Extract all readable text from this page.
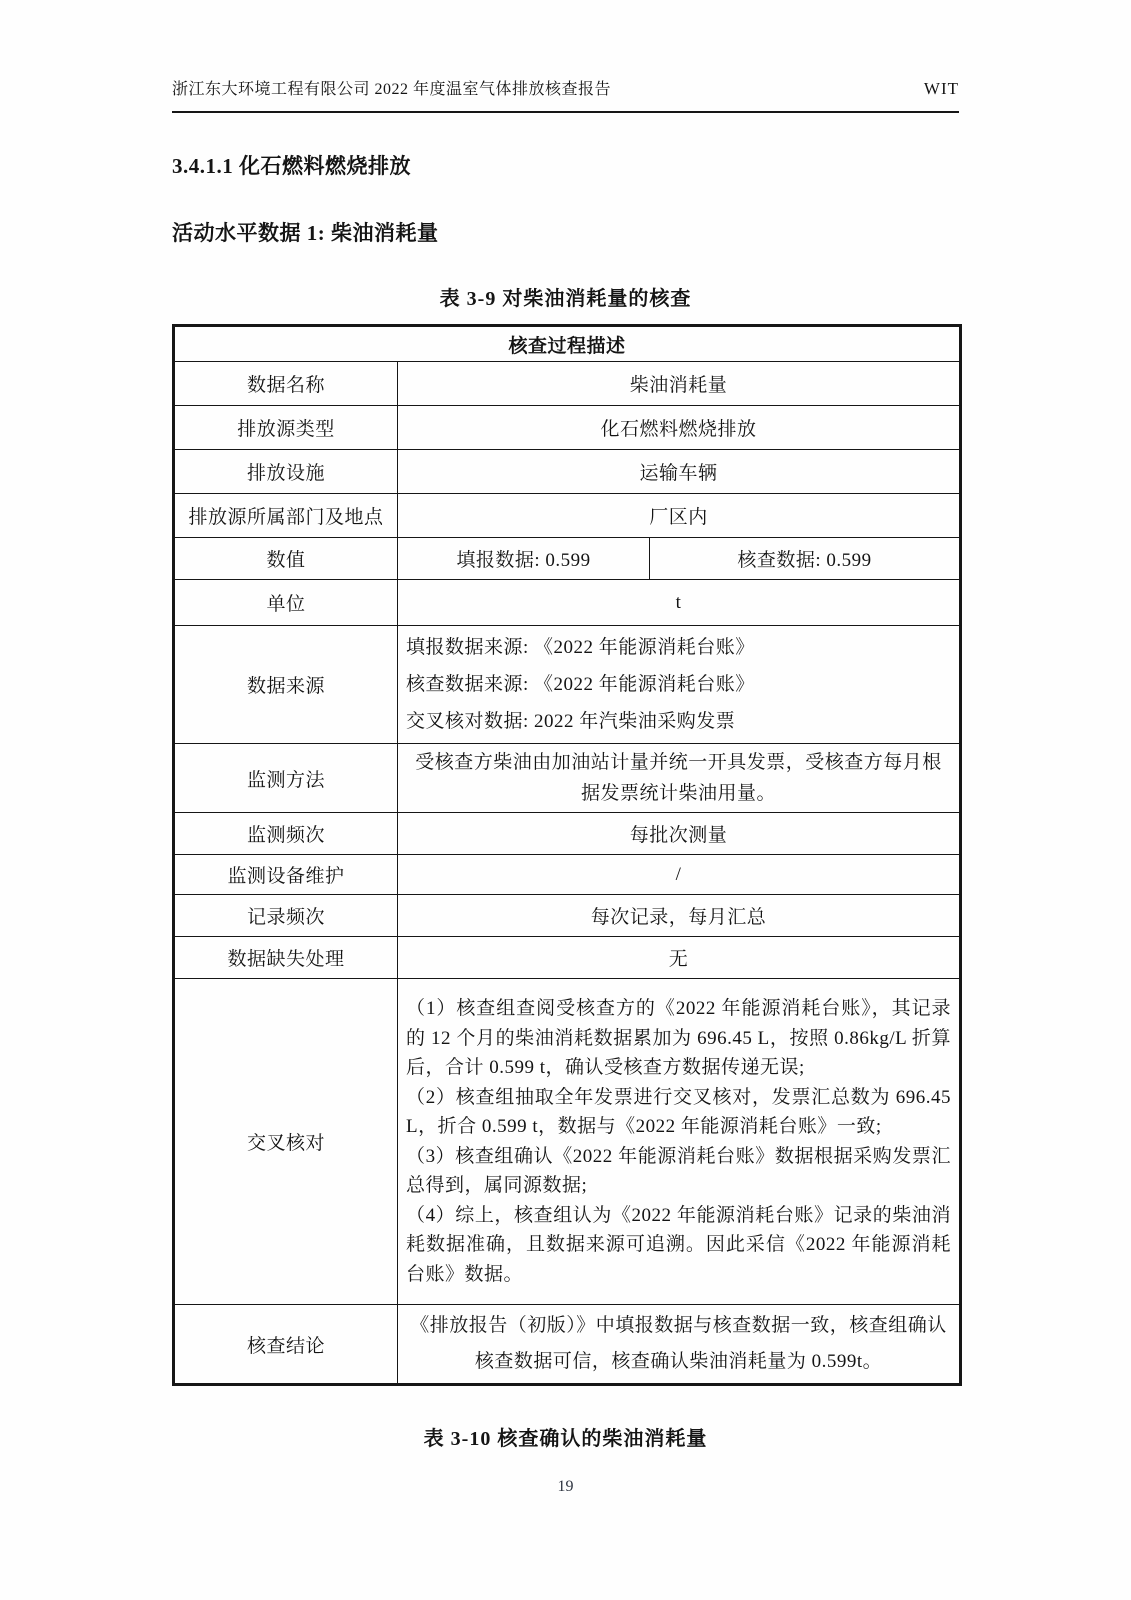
浙江东大环境工程有限公司 2022 年度温室气体排放核查报告	WIT
3.4.1.1 化石燃料燃烧排放
活动水平数据 1: 柴油消耗量
表 3-9 对柴油消耗量的核查
核查过程描述		
数据名称	柴油消耗量	
排放源类型	化石燃料燃烧排放	
排放设施	运输车辆	
排放源所属部门及地点	厂区内	
数值	填报数据: 0.599	核查数据: 0.599
单位	t	
数据来源	填报数据来源: 《2022 年能源消耗台账》
核查数据来源: 《2022 年能源消耗台账》
交叉核对数据: 2022 年汽柴油采购发票	

监测方法	受核查方柴油由加油站计量并统一开具发票，受核查方每月根据发票统计柴油用量。	
监测频次	每批次测量	
监测设备维护	/	
记录频次	每次记录，每月汇总	
数据缺失处理	无	
交叉核对	（1）核查组查阅受核查方的《2022 年能源消耗台账》，其记录的 12 个月的柴油消耗数据累加为 696.45 L，按照 0.86kg/L 折算后，合计 0.599 t，确认受核查方数据传递无误;
（2）核查组抽取全年发票进行交叉核对，发票汇总数为 696.45 L，折合 0.599 t，数据与《2022 年能源消耗台账》一致;
（3）核查组确认《2022 年能源消耗台账》数据根据采购发票汇总得到，属同源数据;
（4）综上，核查组认为《2022 年能源消耗台账》记录的柴油消耗数据准确，且数据来源可追溯。因此采信《2022 年能源消耗台账》数据。	

核查结论	《排放报告（初版）》中填报数据与核查数据一致，核查组确认核查数据可信，核查确认柴油消耗量为 0.599t。	
表 3-10 核查确认的柴油消耗量
19
